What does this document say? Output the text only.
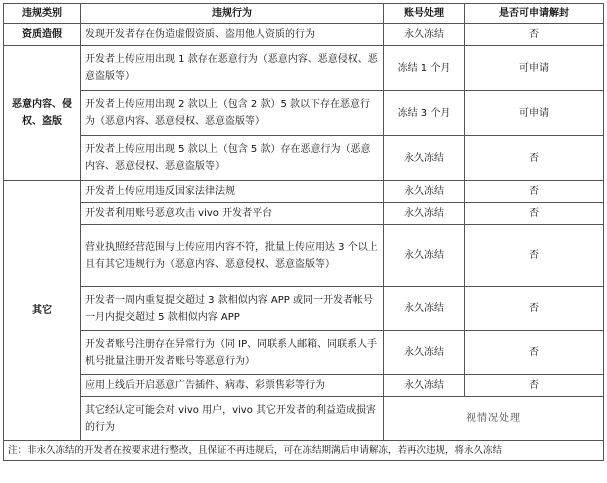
违规类别	违规行为	账号处理	是否可申请解封
资质造假	发现开发者存在伪造虚假资质、盗用他人资质的行为	永久冻结	否
恶意内容、侵权、盗版	开发者上传应用出现 1 款存在恶意行为（恶意内容、恶意侵权、恶意盗版等）	冻结 1 个月	可申请
	开发者上传应用出现 2 款以上（包含 2 款）5 款以下存在恶意行为（恶意内容、恶意侵权、恶意盗版等）	冻结 3 个月	可申请
	开发者上传应用出现 5 款以上（包含 5 款）存在恶意行为（恶意内容、恶意侵权、恶意盗版等）	永久冻结	否
其它	开发者上传应用违反国家法律法规	永久冻结	否
	开发者利用账号恶意攻击 vivo 开发者平台	永久冻结	否
	营业执照经营范围与上传应用内容不符，批量上传应用达 3 个以上且有其它违规行为（恶意内容、恶意侵权、恶意盗版等）	永久冻结	否
	开发者一周内重复提交超过 3 款相似内容 APP 或同一开发者帐号一月内提交超过 5 款相似内容 APP	永久冻结	否
	开发者账号注册存在异常行为（同 IP、同联系人邮箱、同联系人手机号批量注册开发者账号等恶意行为）	永久冻结	否
	应用上线后开启恶意广告插件、病毒、彩票售彩等行为	永久冻结	否
	其它经认定可能会对 vivo 用户，vivo 其它开发者的利益造成损害的行为	视情况处理	
注：非永久冻结的开发者在按要求进行整改，且保证不再违规后，可在冻结期满后申请解冻，若再次违规，将永久冻结			
